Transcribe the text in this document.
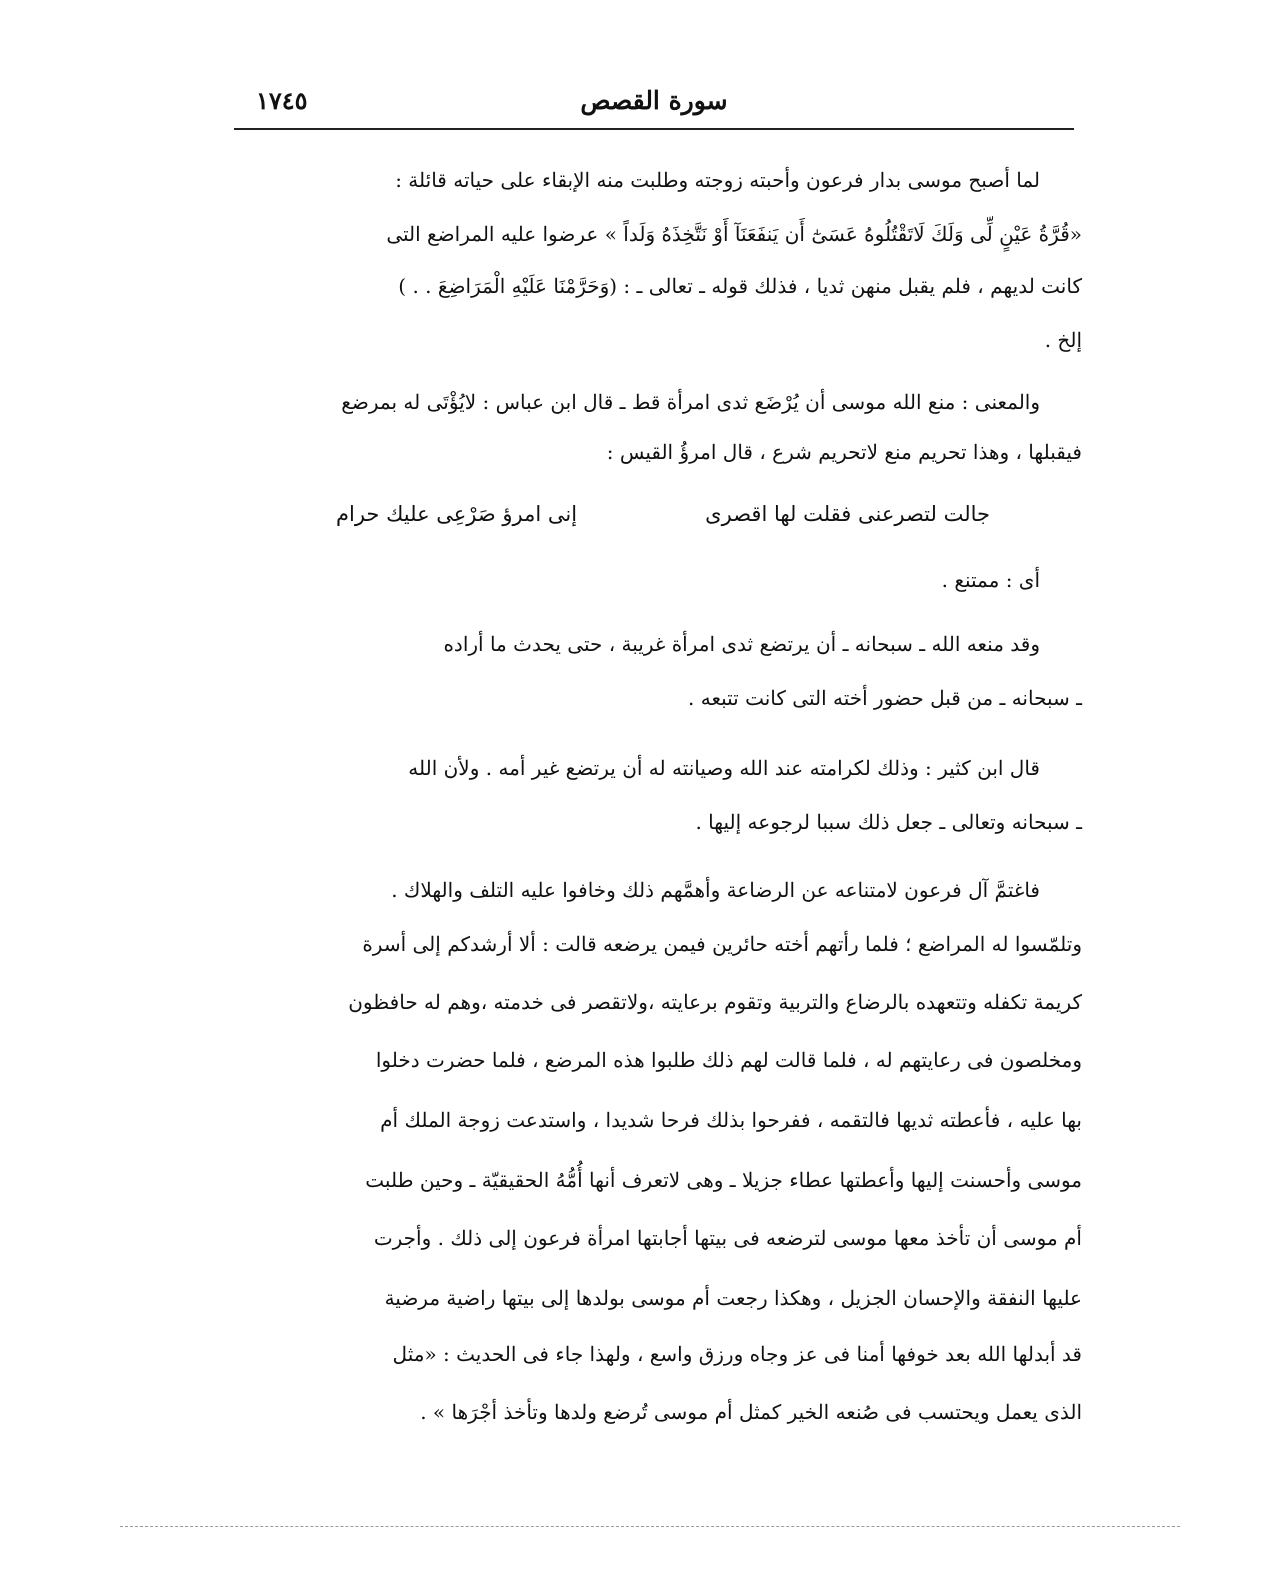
١٧٤٥	سورة القصص
لما أصبح موسى بدار فرعون وأحبته زوجته وطلبت منه الإبقاء على حياته قائلة :
«قُرَّةُ عَيْنٍ لِّى وَلَكَ لَاتَقْتُلُوهُ عَسَىٰٓ أَن يَنفَعَنَآ أَوْ نَتَّخِذَهُ وَلَداً » عرضوا عليه المراضع التى
كانت لديهم ، فلم يقبل منهن ثديا ، فذلك قوله ـ تعالى ـ : (وَحَرَّمْنَا عَلَيْهِ الْمَرَاضِعَ . . )
إلخ .
والمعنى : منع الله موسى أن يُرْضَع ثدى امرأة قط ـ قال ابن عباس : لايُؤْتَى له بمرضع
فيقبلها ، وهذا تحريم منع لاتحريم شرع ، قال امرؤُ القيس :
جالت لتصرعنى فقلت لها اقصرى
إنى امرؤ صَرْعِى عليك حرام
أى : ممتنع .
وقد منعه الله ـ سبحانه ـ أن يرتضع ثدى امرأة غريبة ، حتى يحدث ما أراده
ـ سبحانه ـ من قبل حضور أخته التى كانت تتبعه .
قال ابن كثير : وذلك لكرامته عند الله وصيانته له أن يرتضع غير أمه . ولأن الله
ـ سبحانه وتعالى ـ جعل ذلك سببا لرجوعه إليها .
فاغتمَّ آل فرعون لامتناعه عن الرضاعة وأهمَّهم ذلك وخافوا عليه التلف والهلاك .
وتلمّسوا له المراضع ؛ فلما رأتهم أخته حائرين فيمن يرضعه قالت : ألا أرشدكم إلى أسرة
كريمة تكفله وتتعهده بالرضاع والتربية وتقوم برعايته ،ولاتقصر فى خدمته ،وهم له حافظون
ومخلصون فى رعايتهم له ، فلما قالت لهم ذلك طلبوا هذه المرضع ، فلما حضرت دخلوا
بها عليه ، فأعطته ثديها فالتقمه ، ففرحوا بذلك فرحا شديدا ، واستدعت زوجة الملك أم
موسى وأحسنت إليها وأعطتها عطاء جزيلا ـ وهى لاتعرف أنها أُمُّهُ الحقيقيّة ـ وحين طلبت
أم موسى أن تأخذ معها موسى لترضعه فى بيتها أجابتها امرأة فرعون إلى ذلك . وأجرت
عليها النفقة والإحسان الجزيل ، وهكذا رجعت أم موسى بولدها إلى بيتها راضية مرضية
قد أبدلها الله بعد خوفها أمنا فى عز وجاه ورزق واسع ، ولهذا جاء فى الحديث : «مثل
الذى يعمل ويحتسب فى صُنعه الخير كمثل أم موسى تُرضع ولدها وتأخذ أجْرَها » .
